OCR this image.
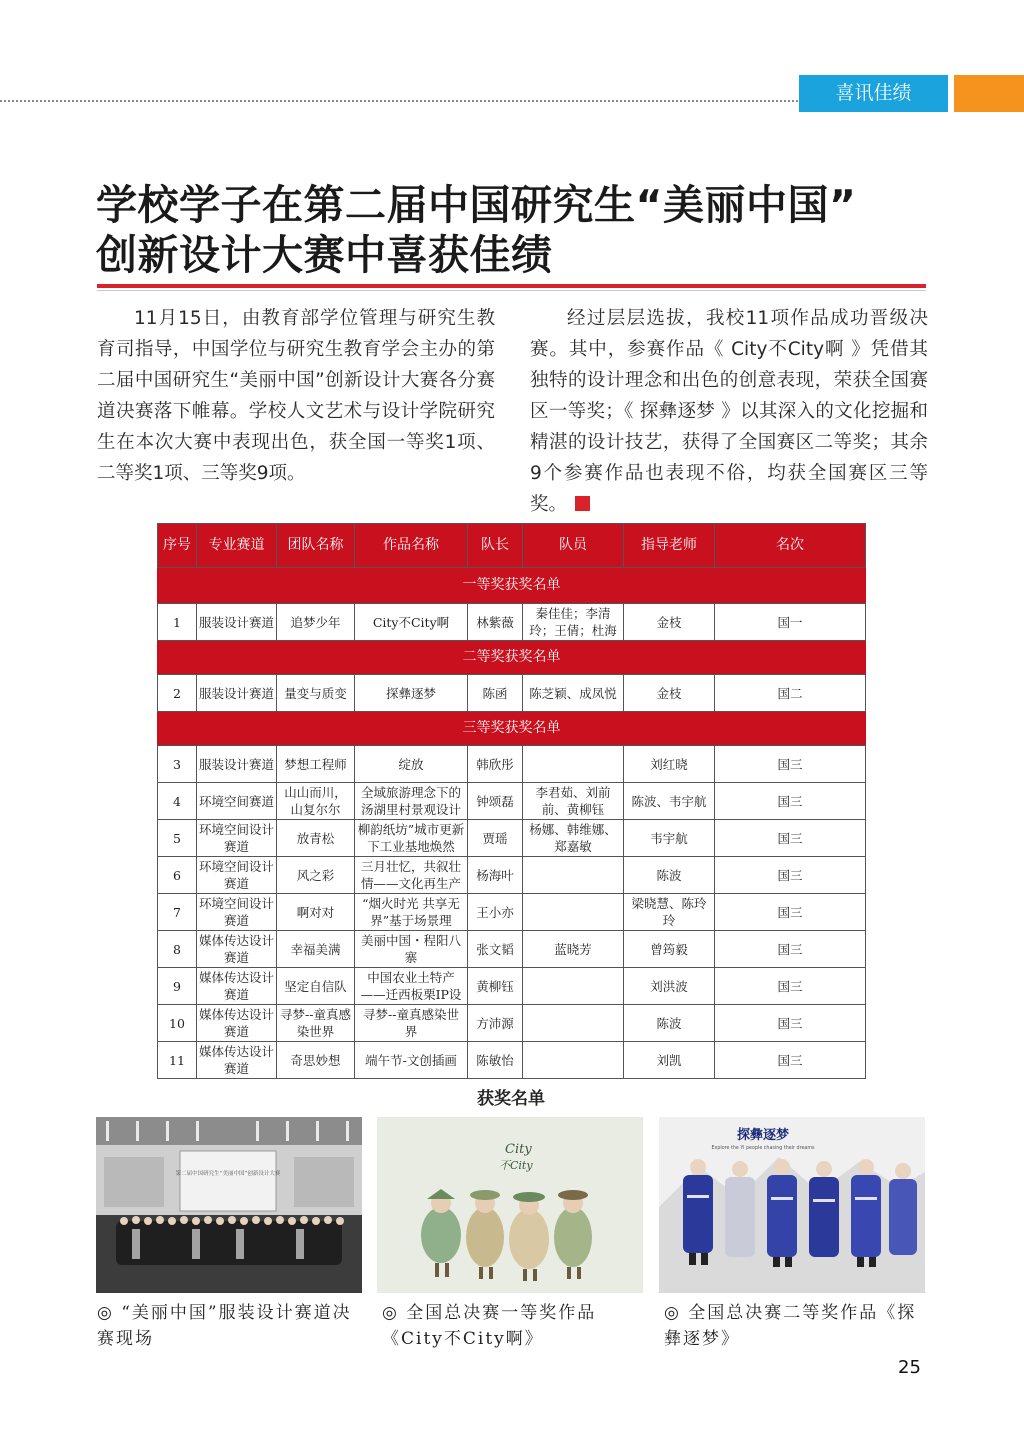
喜讯佳绩
学校学子在第二届中国研究生“美丽中国”
创新设计大赛中喜获佳绩

11月15日，由教育部学位管理与研究生教育司指导，中国学位与研究生教育学会主办的第二届中国研究生“美丽中国”创新设计大赛各分赛道决赛落下帷幕。学校人文艺术与设计学院研究生在本次大赛中表现出色，获全国一等奖1项、二等奖1项、三等奖9项。

经过层层选拔，我校11项作品成功晋级决赛。其中，参赛作品《 City不City啊 》凭借其独特的设计理念和出色的创意表现，荣获全国赛区一等奖；《 探彝逐梦 》以其深入的文化挖掘和精湛的设计技艺，获得了全国赛区二等奖；其余9个参赛作品也表现不俗，均获全国赛区三等奖。

序号	专业赛道	团队名称	作品名称	队长	队员	指导老师	名次
一等奖获奖名单							
1	服装设计赛道	追梦少年	City不City啊	林紫薇	秦佳佳；李清玲；王倩；杜海	金枝	国一
二等奖获奖名单							
2	服装设计赛道	量变与质变	探彝逐梦	陈函	陈芝颖、成凤悦	金枝	国二
三等奖获奖名单							
3	服装设计赛道	梦想工程师	绽放	韩欣彤		刘红晓	国三
4	环境空间赛道	山山而川，山复尔尔	全域旅游理念下的汤湖里村景观设计	钟颂磊	李君茹、刘前前、黄柳钰	陈波、韦宇航	国三
5	环境空间设计赛道	放青松	柳韵纸坊”城市更新下工业基地焕然	贾瑶	杨娜、韩维娜、郑嘉敏	韦宇航	国三
6	环境空间设计赛道	风之彩	三月壮忆，共叙壮情——文化再生产	杨海叶		陈波	国三
7	环境空间设计赛道	啊对对	“烟火时光 共享无界”基于场景理	王小亦		梁晓慧、陈玲玲	国三
8	媒体传达设计赛道	幸福美满	美丽中国・程阳八寨	张文韬	蓝晓芳	曾筠毅	国三
9	媒体传达设计赛道	坚定自信队	中国农业土特产——迁西板栗IP设	黄柳钰		刘洪波	国三
10	媒体传达设计赛道	寻梦--童真感染世界	寻梦--童真感染世界	方沛源		陈波	国三
11	媒体传达设计赛道	奇思妙想	端午节-文创插画	陈敏怡		刘凯	国三
获奖名单
第二届中国研究生“美丽中国”创新设计大赛
City
不City
探彝逐梦
Explore the Yi people chasing their dreams
◎ “美丽中国”服装设计赛道决赛现场
◎ 全国总决赛一等奖作品《City不City啊》
◎ 全国总决赛二等奖作品《探彝逐梦》
25
